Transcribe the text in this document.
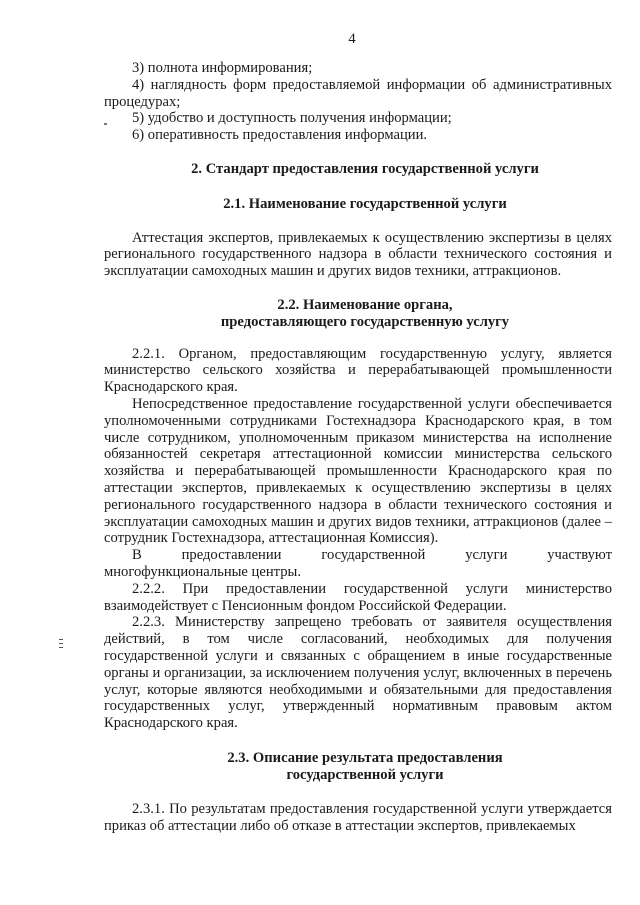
4

3) полнота информирования;

4) наглядность форм предоставляемой информации об административных процедурах;

5) удобство и доступность получения информации;

6) оперативность предоставления информации.

2. Стандарт предоставления государственной услуги

2.1. Наименование государственной услуги

Аттестация экспертов, привлекаемых к осуществлению экспертизы в целях регионального государственного надзора в области технического состояния и эксплуатации самоходных машин и других видов техники, аттракционов.

2.2. Наименование органа,

предоставляющего государственную услугу

2.2.1. Органом, предоставляющим государственную услугу, является министерство сельского хозяйства и перерабатывающей промышленности Краснодарского края.

Непосредственное предоставление государственной услуги обеспечивается уполномоченными сотрудниками Гостехнадзора Краснодарского края, в том числе сотрудником, уполномоченным приказом министерства на исполнение обязанностей секретаря аттестационной комиссии министерства сельского хозяйства и перерабатывающей промышленности Краснодарского края по аттестации экспертов, привлекаемых к осуществлению экспертизы в целях регионального государственного надзора в области технического состояния и эксплуатации самоходных машин и других видов техники, аттракционов (далее – сотрудник Гостехнадзора, аттестационная Комиссия).

В предоставлении государственной услуги участвуют многофункциональные центры.

2.2.2. При предоставлении государственной услуги министерство взаимодействует с Пенсионным фондом Российской Федерации.

2.2.3. Министерству запрещено требовать от заявителя осуществления действий, в том числе согласований, необходимых для получения государственной услуги и связанных с обращением в иные государственные органы и организации, за исключением получения услуг, включенных в перечень услуг, которые являются необходимыми и обязательными для предоставления государственных услуг, утвержденный нормативным правовым актом Краснодарского края.

2.3. Описание результата предоставления

государственной услуги

2.3.1. По результатам предоставления государственной услуги утверждается приказ об аттестации либо об отказе в аттестации экспертов, привлекаемых
